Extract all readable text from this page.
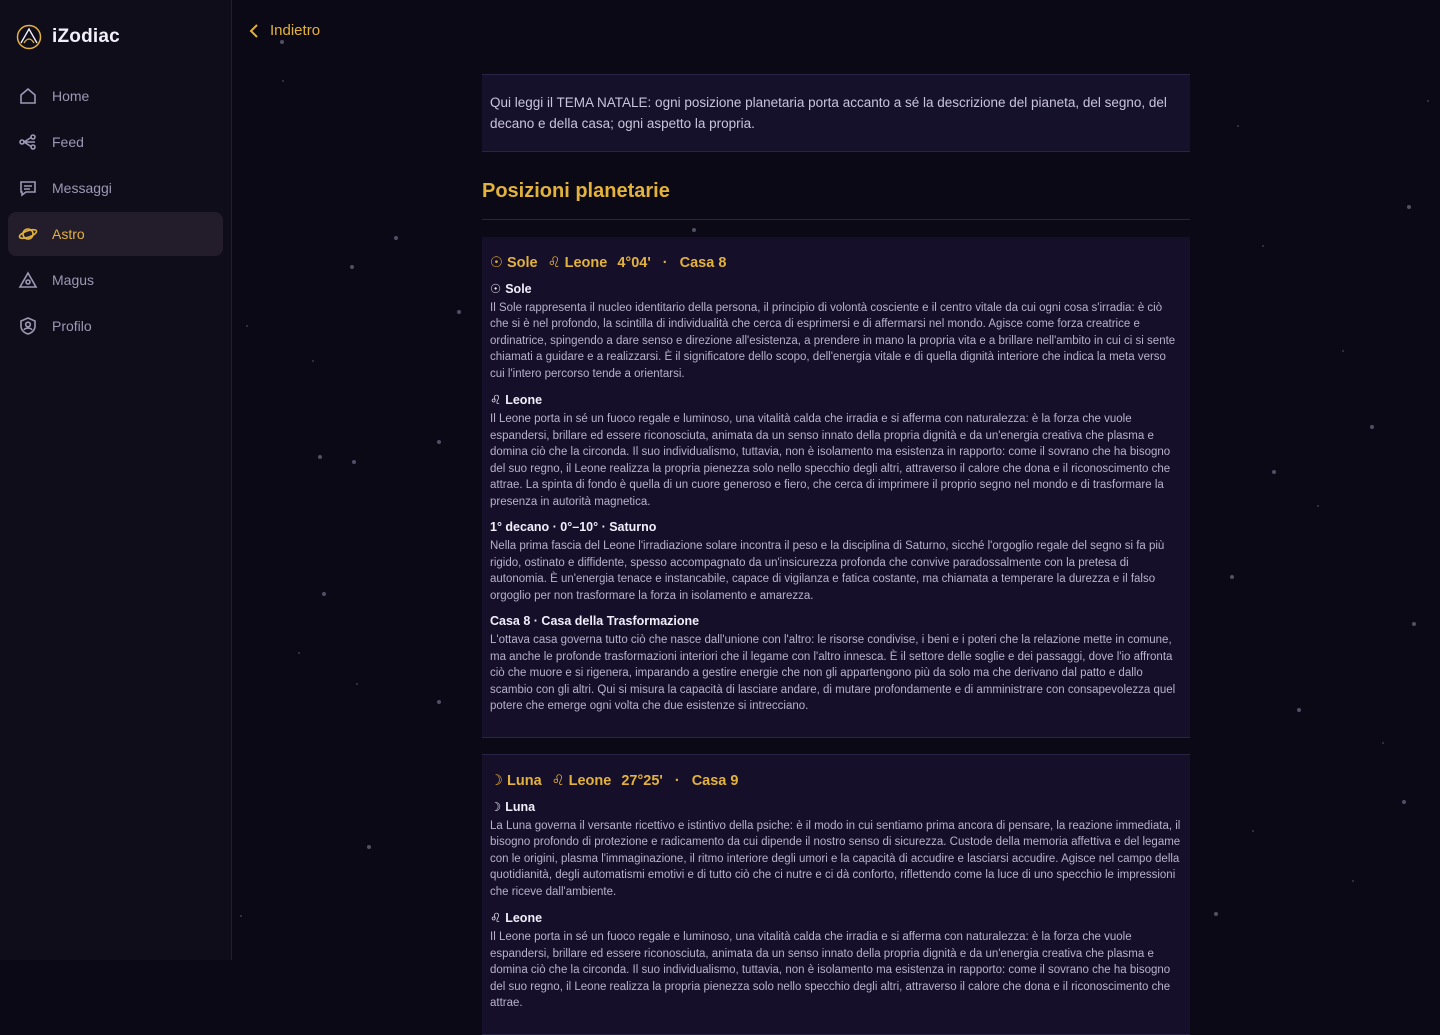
iZodiac
Home
Feed
Messaggi
Astro
Magus
Profilo
Indietro
Qui leggi il TEMA NATALE: ogni posizione planetaria porta accanto a sé la descrizione del pianeta, del segno, del decano e della casa; ogni aspetto la propria.
Posizioni planetarie
☉ Sole ♌︎ Leone 4°04' · Casa 8
☉ Sole

Il Sole rappresenta il nucleo identitario della persona, il principio di volontà cosciente e il centro vitale da cui ogni cosa s'irradia: è ciò che si è nel profondo, la scintilla di individualità che cerca di esprimersi e di affermarsi nel mondo. Agisce come forza creatrice e ordinatrice, spingendo a dare senso e direzione all'esistenza, a prendere in mano la propria vita e a brillare nell'ambito in cui ci si sente chiamati a guidare e a realizzarsi. È il significatore dello scopo, dell'energia vitale e di quella dignità interiore che indica la meta verso cui l'intero percorso tende a orientarsi.

♌︎ Leone

Il Leone porta in sé un fuoco regale e luminoso, una vitalità calda che irradia e si afferma con naturalezza: è la forza che vuole espandersi, brillare ed essere riconosciuta, animata da un senso innato della propria dignità e da un'energia creativa che plasma e domina ciò che la circonda. Il suo individualismo, tuttavia, non è isolamento ma esistenza in rapporto: come il sovrano che ha bisogno del suo regno, il Leone realizza la propria pienezza solo nello specchio degli altri, attraverso il calore che dona e il riconoscimento che attrae. La spinta di fondo è quella di un cuore generoso e fiero, che cerca di imprimere il proprio segno nel mondo e di trasformare la presenza in autorità magnetica.

1° decano · 0°–10° · Saturno

Nella prima fascia del Leone l'irradiazione solare incontra il peso e la disciplina di Saturno, sicché l'orgoglio regale del segno si fa più rigido, ostinato e diffidente, spesso accompagnato da un'insicurezza profonda che convive paradossalmente con la pretesa di autonomia. È un'energia tenace e instancabile, capace di vigilanza e fatica costante, ma chiamata a temperare la durezza e il falso orgoglio per non trasformare la forza in isolamento e amarezza.

Casa 8 · Casa della Trasformazione

L'ottava casa governa tutto ciò che nasce dall'unione con l'altro: le risorse condivise, i beni e i poteri che la relazione mette in comune, ma anche le profonde trasformazioni interiori che il legame con l'altro innesca. È il settore delle soglie e dei passaggi, dove l'io affronta ciò che muore e si rigenera, imparando a gestire energie che non gli appartengono più da solo ma che derivano dal patto e dallo scambio con gli altri. Qui si misura la capacità di lasciare andare, di mutare profondamente e di amministrare con consapevolezza quel potere che emerge ogni volta che due esistenze si intrecciano.

☽ Luna ♌︎ Leone 27°25' · Casa 9
☽ Luna

La Luna governa il versante ricettivo e istintivo della psiche: è il modo in cui sentiamo prima ancora di pensare, la reazione immediata, il bisogno profondo di protezione e radicamento da cui dipende il nostro senso di sicurezza. Custode della memoria affettiva e del legame con le origini, plasma l'immaginazione, il ritmo interiore degli umori e la capacità di accudire e lasciarsi accudire. Agisce nel campo della quotidianità, degli automatismi emotivi e di tutto ciò che ci nutre e ci dà conforto, riflettendo come la luce di uno specchio le impressioni che riceve dall'ambiente.

♌︎ Leone

Il Leone porta in sé un fuoco regale e luminoso, una vitalità calda che irradia e si afferma con naturalezza: è la forza che vuole espandersi, brillare ed essere riconosciuta, animata da un senso innato della propria dignità e da un'energia creativa che plasma e domina ciò che la circonda. Il suo individualismo, tuttavia, non è isolamento ma esistenza in rapporto: come il sovrano che ha bisogno del suo regno, il Leone realizza la propria pienezza solo nello specchio degli altri, attraverso il calore che dona e il riconoscimento che attrae.
